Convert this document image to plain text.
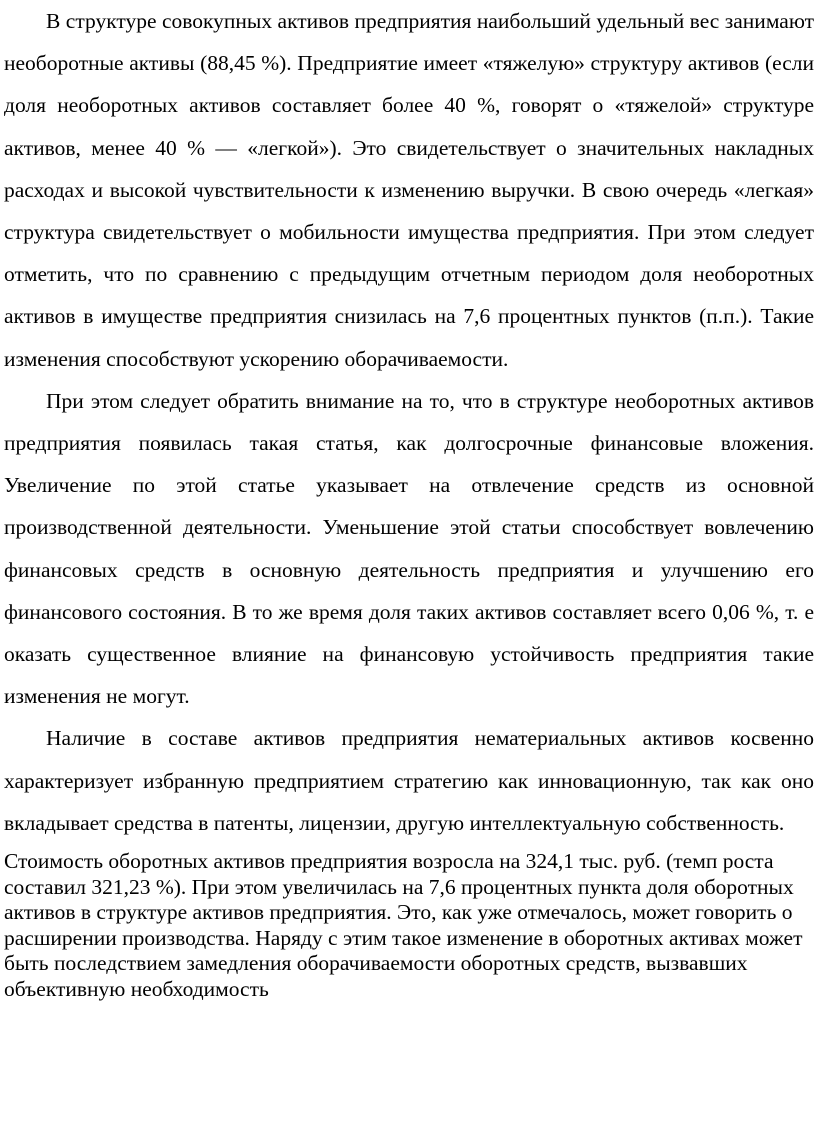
В структуре совокупных активов предприятия наибольший удельный вес занимают необоротные активы (88,45 %). Предприятие имеет «тяжелую» структуру активов (если доля необоротных активов составляет более 40 %, говорят о «тяжелой» структуре активов, менее 40 % — «легкой»). Это свидетельствует о значительных накладных расходах и высокой чувствительности к изменению выручки. В свою очередь «легкая» структура свидетельствует о мобильности имущества предприятия. При этом следует отметить, что по сравнению с предыдущим отчетным периодом доля необоротных активов в имуществе предприятия снизилась на 7,6 процентных пунктов (п.п.). Такие изменения способствуют ускорению оборачиваемости.

При этом следует обратить внимание на то, что в структуре необоротных активов предприятия появилась такая статья, как долгосрочные финансовые вложения. Увеличение по этой статье указывает на отвлечение средств из основной производственной деятельности. Уменьшение этой статьи способствует вовлечению финансовых средств в основную деятельность предприятия и улучшению его финансового состояния. В то же время доля таких активов составляет всего 0,06 %, т. е оказать существенное влияние на финансовую устойчивость предприятия такие изменения не могут.

Наличие в составе активов предприятия нематериальных активов косвенно характеризует избранную предприятием стратегию как инновационную, так как оно вкладывает средства в патенты, лицензии, другую интеллектуальную собственность.

Стоимость оборотных активов предприятия возросла на 324,1 тыс. руб. (темп роста составил 321,23 %). При этом увеличилась на 7,6 процентных пункта доля оборотных активов в структуре активов предприятия. Это, как уже отмечалось, может говорить о расширении производства. Наряду с этим такое изменение в оборотных активах может быть последствием замедления оборачиваемости оборотных средств, вызвавших объективную необходимость
